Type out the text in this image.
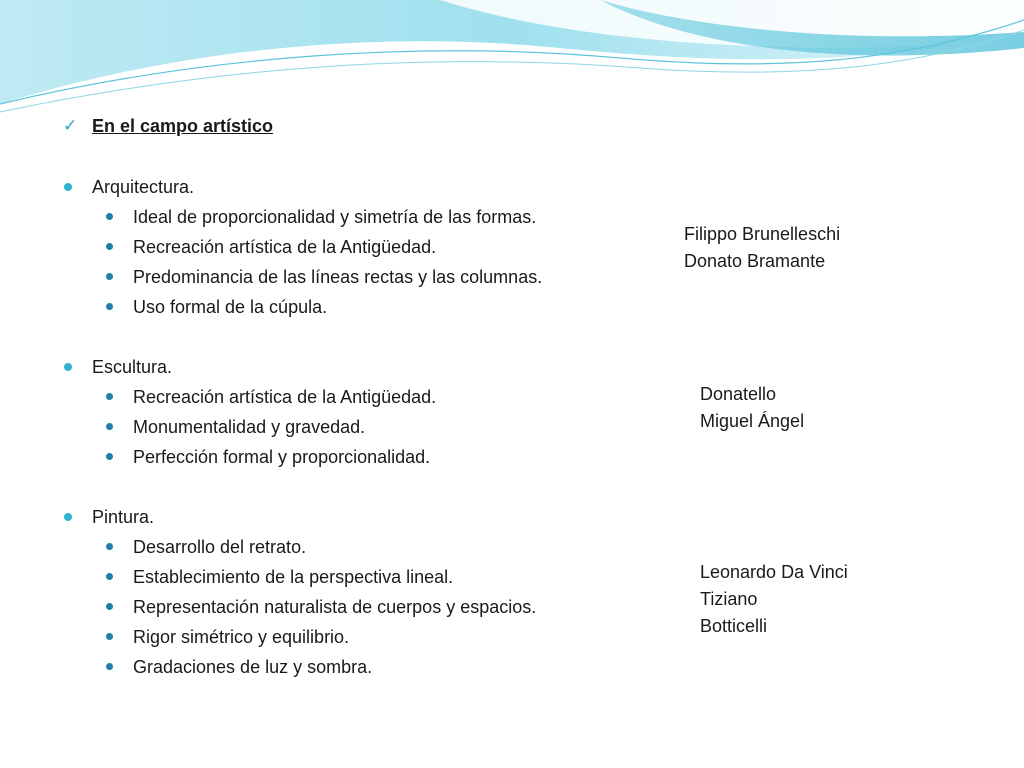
✓ En el campo artístico
Arquitectura.
Ideal de proporcionalidad y simetría de las formas.
Recreación artística de la Antigüedad.
Predominancia de las líneas rectas y las columnas.
Uso formal de la cúpula.
Filippo Brunelleschi
Donato Bramante
Escultura.
Recreación artística de la Antigüedad.
Monumentalidad y gravedad.
Perfección formal y proporcionalidad.
Donatello
Miguel Ángel
Pintura.
Desarrollo del retrato.
Establecimiento de la perspectiva lineal.
Representación naturalista de cuerpos y espacios.
Rigor simétrico y equilibrio.
Gradaciones de luz y sombra.
Leonardo Da Vinci
Tiziano
Botticelli
